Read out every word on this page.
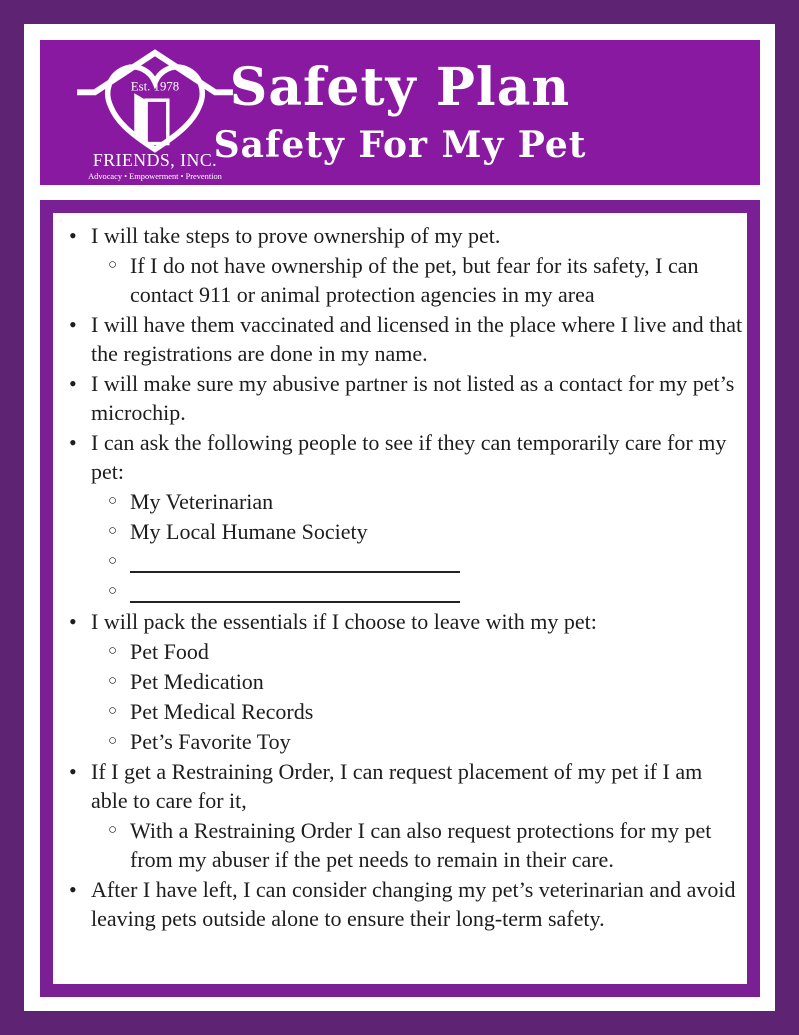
Est. 1978
FRIENDS, INC.
Advocacy • Empowerment • Prevention
Safety Plan
Safety For My Pet
• I will take steps to prove ownership of my pet.
○ If I do not have ownership of the pet, but fear for its safety, I can contact 911 or animal protection agencies in my area
• I will have them vaccinated and licensed in the place where I live and that the registrations are done in my name.
• I will make sure my abusive partner is not listed as a contact for my pet’s microchip.
• I can ask the following people to see if they can temporarily care for my pet:
○ My Veterinarian
○ My Local Humane Society
○
○
• I will pack the essentials if I choose to leave with my pet:
○ Pet Food
○ Pet Medication
○ Pet Medical Records
○ Pet’s Favorite Toy
• If I get a Restraining Order, I can request placement of my pet if I am able to care for it,
○ With a Restraining Order I can also request protections for my pet from my abuser if the pet needs to remain in their care.
• After I have left, I can consider changing my pet’s veterinarian and avoid leaving pets outside alone to ensure their long-term safety.
